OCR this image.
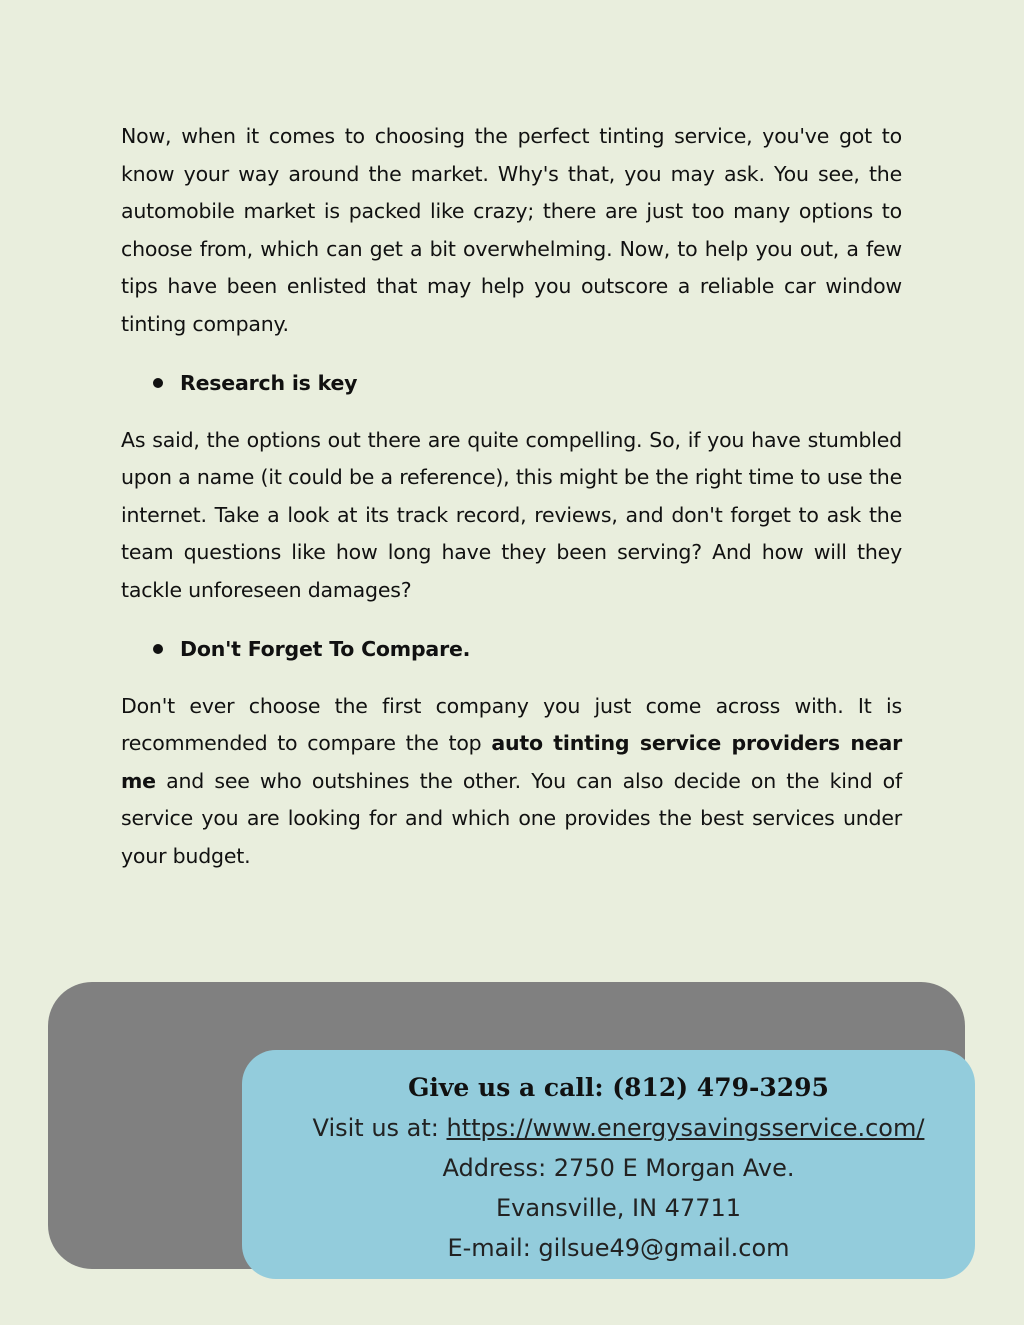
Now, when it comes to choosing the perfect tinting service, you've got to know your way around the market. Why's that, you may ask. You see, the automobile market is packed like crazy; there are just too many options to choose from, which can get a bit overwhelming. Now, to help you out, a few tips have been enlisted that may help you outscore a reliable car window tinting company.

Research is key

As said, the options out there are quite compelling. So, if you have stumbled upon a name (it could be a reference), this might be the right time to use the internet. Take a look at its track record, reviews, and don't forget to ask the team questions like how long have they been serving? And how will they tackle unforeseen damages?

Don't Forget To Compare.

Don't ever choose the first company you just come across with. It is recommended to compare the top auto tinting service providers near me and see who outshines the other. You can also decide on the kind of service you are looking for and which one provides the best services under your budget.

Give us a call: (812) 479-3295
Visit us at: https://www.energysavingsservice.com/
Address: 2750 E Morgan Ave.
Evansville, IN 47711
E-mail: gilsue49@gmail.com
